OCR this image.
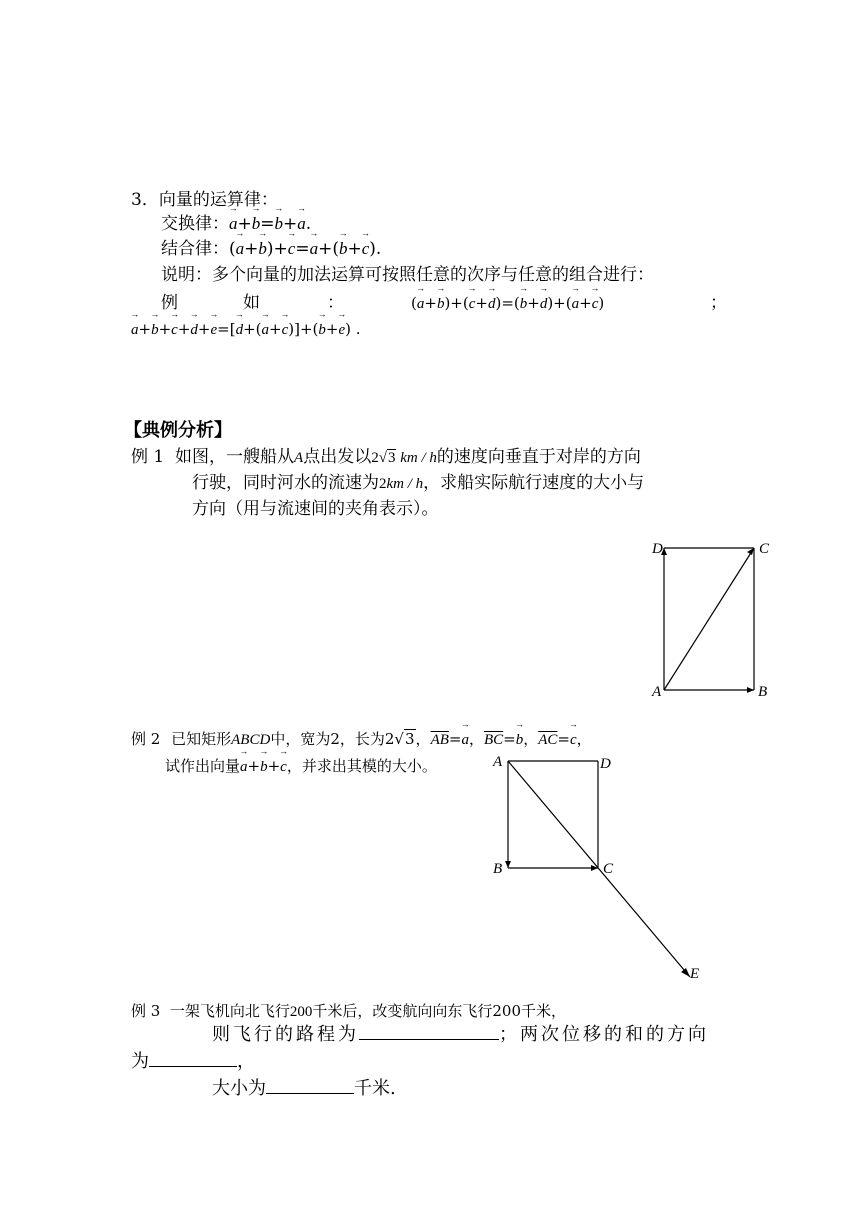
3．向量的运算律：
交换律：→ a+→ b=→ b+→ a.
结合律：(→ a+→ b)+→ c=→ a+(→ b+→ c).
说明：多个向量的加法运算可按照任意的次序与任意的组合进行：
例	如	：	(→ a+→ b)+(→ c+→ d)=(→ b+→ d)+(→ a+→ c)	；
→ a+→ b+→ c+→ d+→ e=[→ d+(→ a+→ c)]+(→ b+→ e) .
【典例分析】
例 1 如图，一艘船从A点出发以2√3 km / h的速度向垂直于对岸的方向
行驶，同时河水的流速为2km / h，求船实际航行速度的大小与
方向（用与流速间的夹角表示）。
D	C
A	B
例 2 已知矩形ABCD中，宽为2，长为2√3，$\overline{AB}=\to a$，$\overline{BC}=\to b$，$\overline{AC}=\to c$，
试作出向量→ a+→ b+→ c，并求出其模的大小。	A	D
B	C
E
例 3 一架飞机向北飞行200千米后，改变航向向东飞行200千米，
则飞行的路程为	；两次位移的和的方向
为	，
大小为	千米.
